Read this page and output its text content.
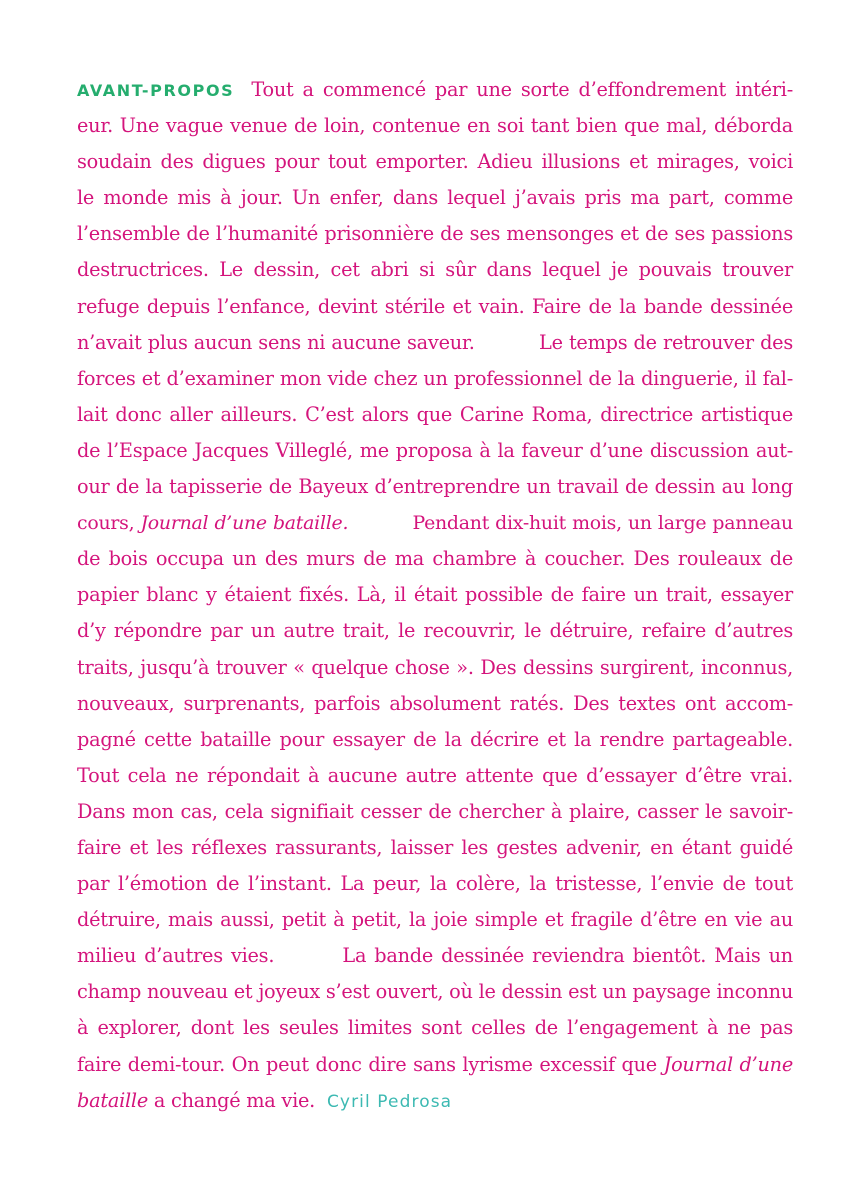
AVANT-PROPOS Tout a commencé par une sorte d’effondrement intéri-
eur. Une vague venue de loin, contenue en soi tant bien que mal, déborda
soudain des digues pour tout emporter. Adieu illusions et mirages, voici
le monde mis à jour. Un enfer, dans lequel j’avais pris ma part, comme
l’ensemble de l’humanité prisonnière de ses mensonges et de ses passions
destructrices. Le dessin, cet abri si sûr dans lequel je pouvais trouver
refuge depuis l’enfance, devint stérile et vain. Faire de la bande dessinée
n’avait plus aucun sens ni aucune saveur.	Le temps de retrouver des
forces et d’examiner mon vide chez un professionnel de la dinguerie, il fal-
lait donc aller ailleurs. C’est alors que Carine Roma, directrice artistique
de l’Espace Jacques Villeglé, me proposa à la faveur d’une discussion aut-
our de la tapisserie de Bayeux d’entreprendre un travail de dessin au long
cours, Journal d’une bataille.	Pendant dix-huit mois, un large panneau
de bois occupa un des murs de ma chambre à coucher. Des rouleaux de
papier blanc y étaient fixés. Là, il était possible de faire un trait, essayer
d’y répondre par un autre trait, le recouvrir, le détruire, refaire d’autres
traits, jusqu’à trouver « quelque chose ». Des dessins surgirent, inconnus,
nouveaux, surprenants, parfois absolument ratés. Des textes ont accom-
pagné cette bataille pour essayer de la décrire et la rendre partageable.
Tout cela ne répondait à aucune autre attente que d’essayer d’être vrai.
Dans mon cas, cela signifiait cesser de chercher à plaire, casser le savoir-
faire et les réflexes rassurants, laisser les gestes advenir, en étant guidé
par l’émotion de l’instant. La peur, la colère, la tristesse, l’envie de tout
détruire, mais aussi, petit à petit, la joie simple et fragile d’être en vie au
milieu d’autres vies.	La bande dessinée reviendra bientôt. Mais un
champ nouveau et joyeux s’est ouvert, où le dessin est un paysage inconnu
à explorer, dont les seules limites sont celles de l’engagement à ne pas
faire demi-tour. On peut donc dire sans lyrisme excessif que Journal d’une
bataille a changé ma vie. Cyril Pedrosa
